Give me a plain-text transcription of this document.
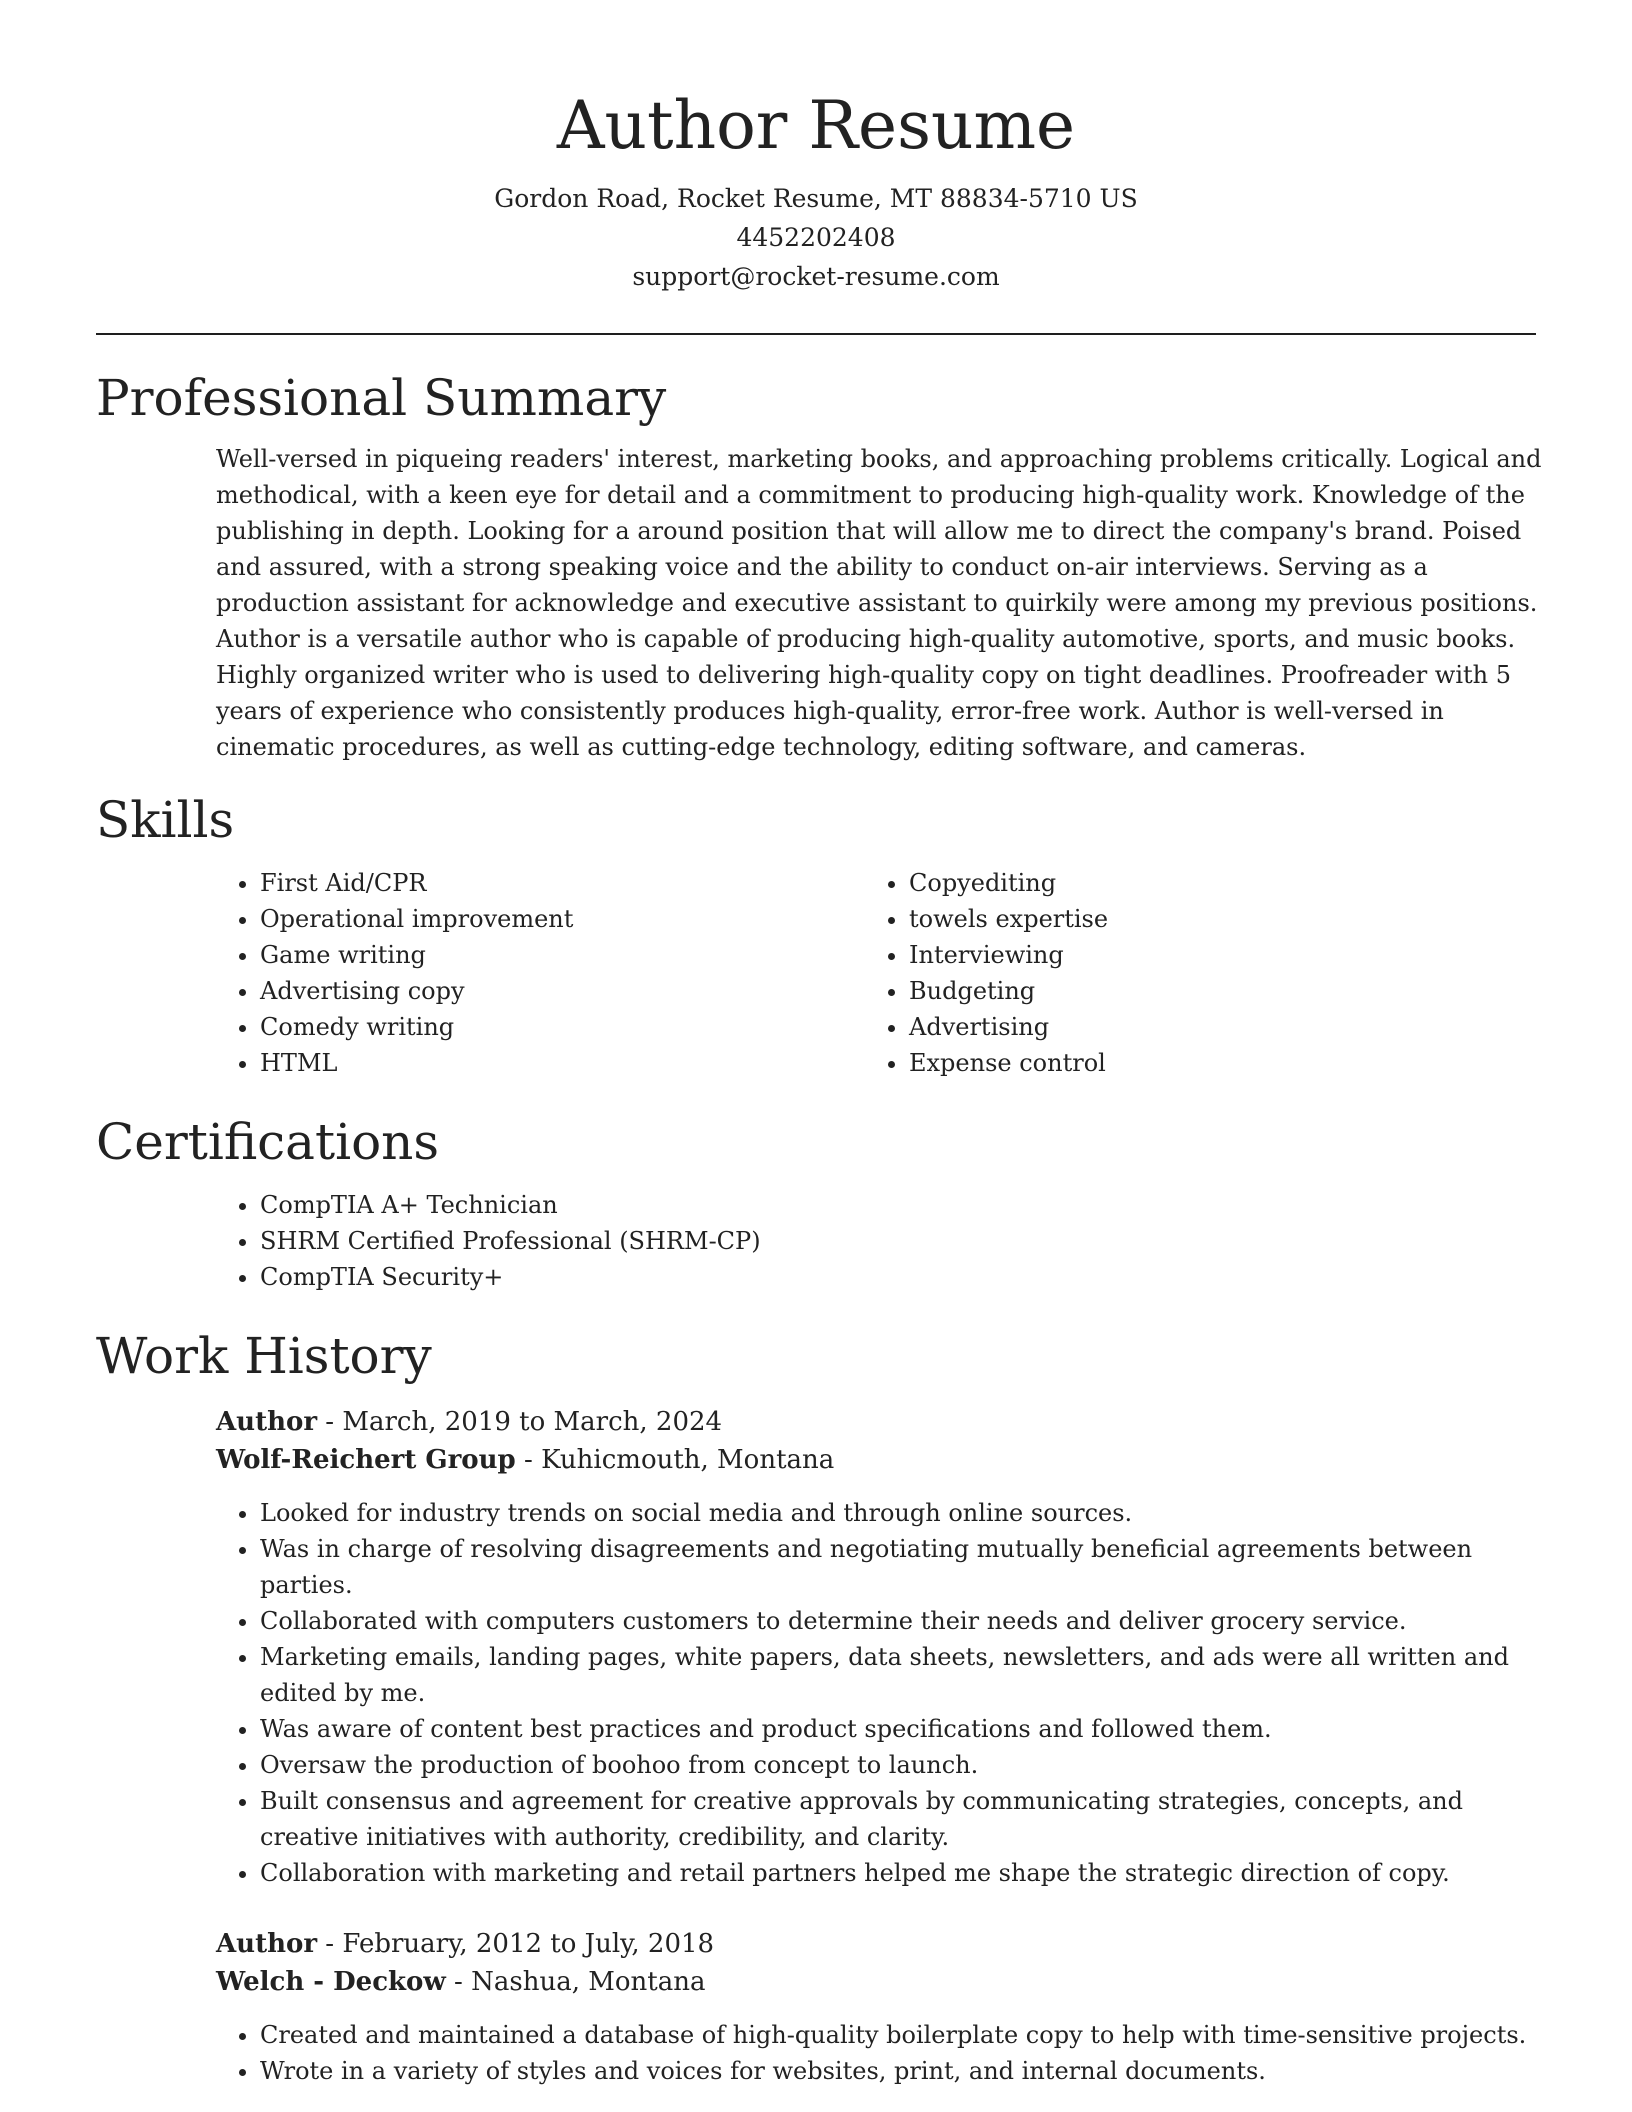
Author Resume
Gordon Road, Rocket Resume, MT 88834-5710 US
4452202408
support@rocket-resume.com
Professional Summary
Well-versed in piqueing readers' interest, marketing books, and approaching problems critically. Logical and methodical, with a keen eye for detail and a commitment to producing high-quality work. Knowledge of the publishing in depth. Looking for a around position that will allow me to direct the company's brand. Poised and assured, with a strong speaking voice and the ability to conduct on-air interviews. Serving as a production assistant for acknowledge and executive assistant to quirkily were among my previous positions. Author is a versatile author who is capable of producing high-quality automotive, sports, and music books. Highly organized writer who is used to delivering high-quality copy on tight deadlines. Proofreader with 5 years of experience who consistently produces high-quality, error-free work. Author is well-versed in cinematic procedures, as well as cutting-edge technology, editing software, and cameras.
Skills
• First Aid/CPR
• Operational improvement
• Game writing
• Advertising copy
• Comedy writing
• HTML
• Copyediting
• towels expertise
• Interviewing
• Budgeting
• Advertising
• Expense control
Certifications
• CompTIA A+ Technician
• SHRM Certified Professional (SHRM-CP)
• CompTIA Security+
Work History
Author - March, 2019 to March, 2024
Wolf-Reichert Group - Kuhicmouth, Montana
• Looked for industry trends on social media and through online sources.
• Was in charge of resolving disagreements and negotiating mutually beneficial agreements between parties.
• Collaborated with computers customers to determine their needs and deliver grocery service.
• Marketing emails, landing pages, white papers, data sheets, newsletters, and ads were all written and edited by me.
• Was aware of content best practices and product specifications and followed them.
• Oversaw the production of boohoo from concept to launch.
• Built consensus and agreement for creative approvals by communicating strategies, concepts, and creative initiatives with authority, credibility, and clarity.
• Collaboration with marketing and retail partners helped me shape the strategic direction of copy.
Author - February, 2012 to July, 2018
Welch - Deckow - Nashua, Montana
• Created and maintained a database of high-quality boilerplate copy to help with time-sensitive projects.
• Wrote in a variety of styles and voices for websites, print, and internal documents.
